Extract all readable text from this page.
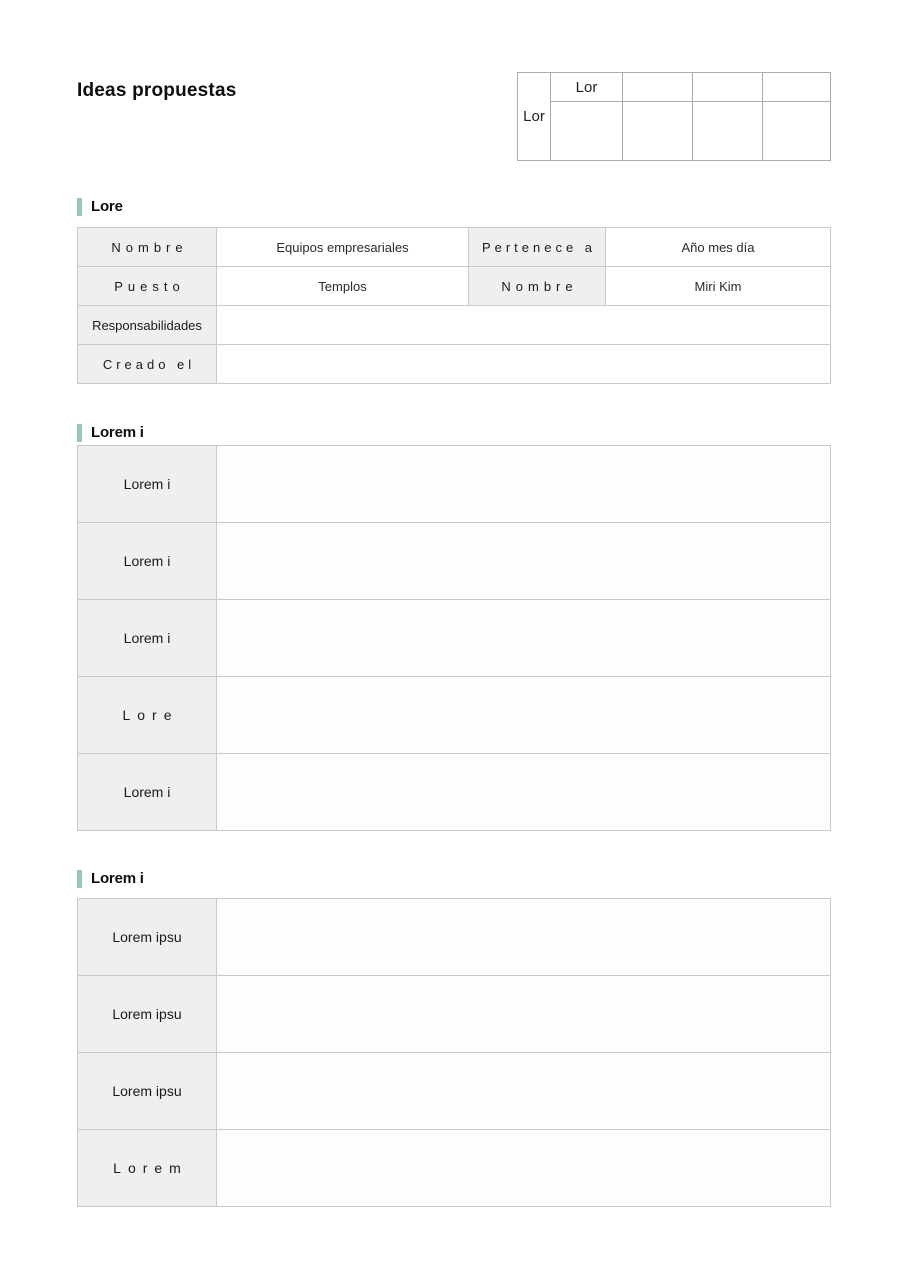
Ideas propuestas
Lor	Lor			

Lore
Nombre	Equipos empresariales	Pertenece a	Año mes día
Puesto	Templos	Nombre	Miri Kim
Responsabilidades			
Creado el			
Lorem i
Lorem i	
Lorem i	
Lorem i	
Lore	
Lorem i	
Lorem i
Lorem ipsu	
Lorem ipsu	
Lorem ipsu	
Lorem	
